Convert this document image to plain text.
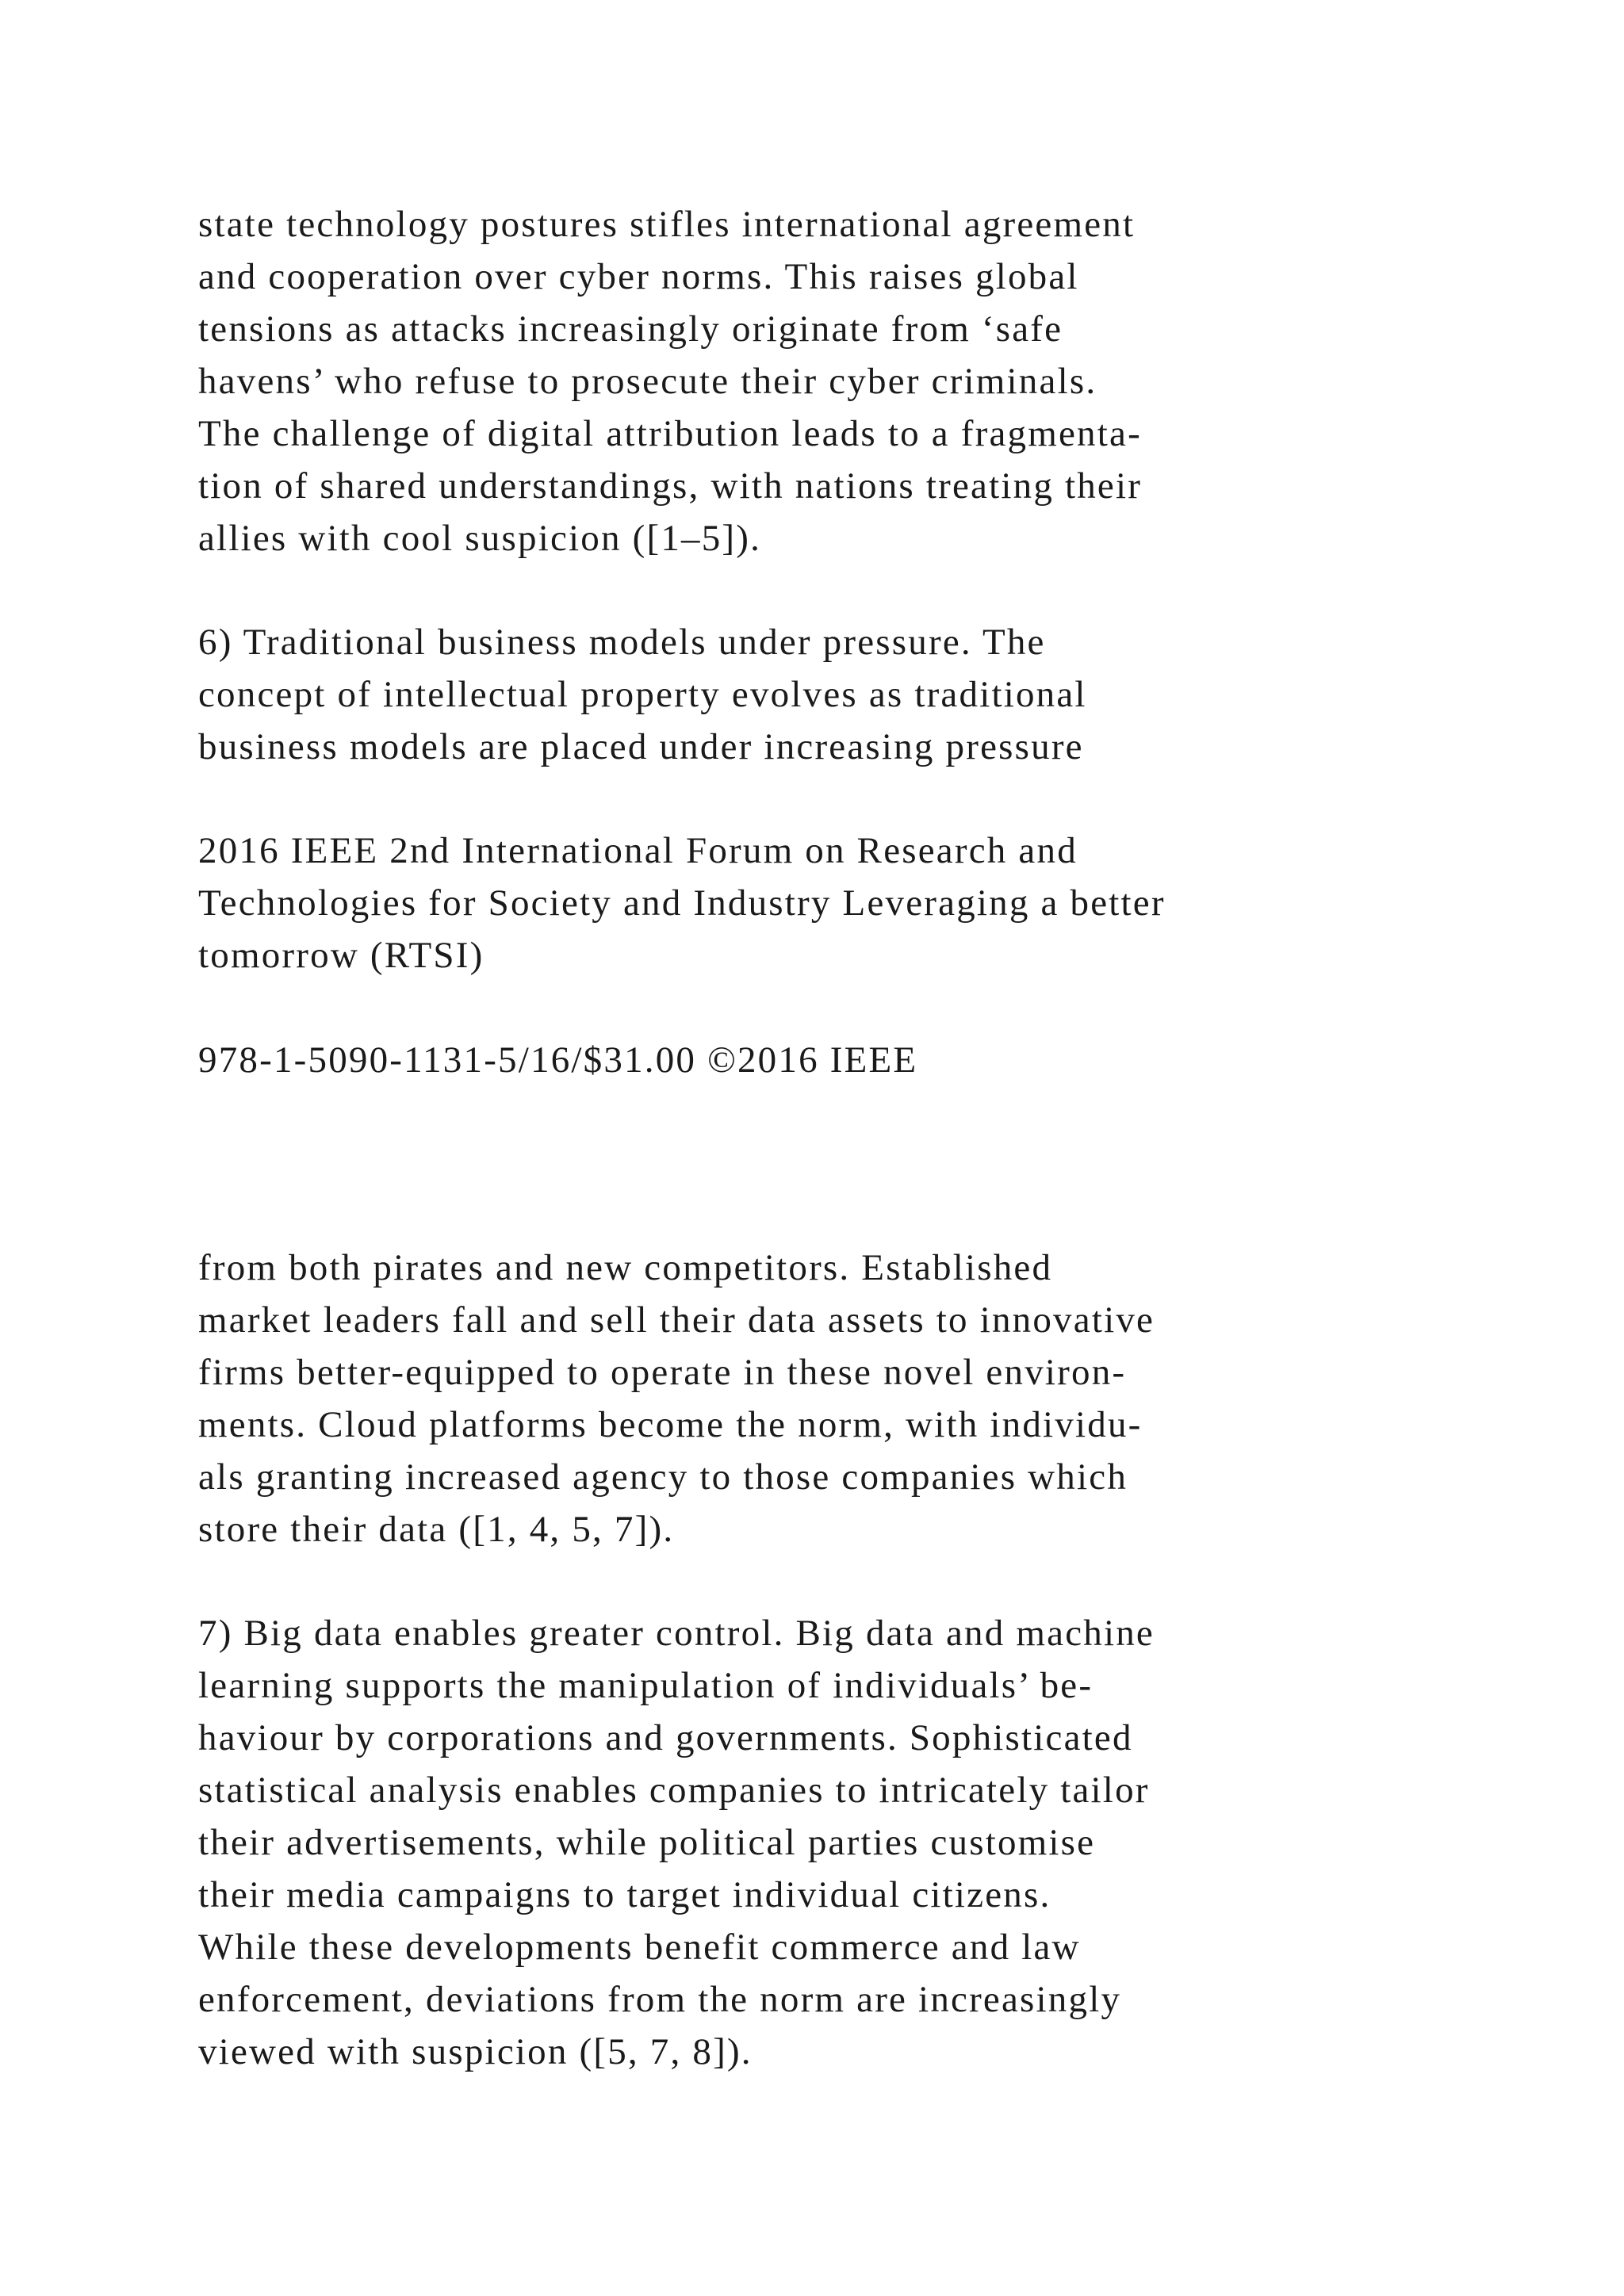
state technology postures stifles international agreement
and cooperation over cyber norms. This raises global
tensions as attacks increasingly originate from ‘safe
havens’ who refuse to prosecute their cyber criminals.
The challenge of digital attribution leads to a fragmenta-
tion of shared understandings, with nations treating their
allies with cool suspicion ([1–5]).
6) Traditional business models under pressure. The
concept of intellectual property evolves as traditional
business models are placed under increasing pressure
2016 IEEE 2nd International Forum on Research and
Technologies for Society and Industry Leveraging a better
tomorrow (RTSI)
978-1-5090-1131-5/16/$31.00 ©2016 IEEE
from both pirates and new competitors. Established
market leaders fall and sell their data assets to innovative
firms better-equipped to operate in these novel environ-
ments. Cloud platforms become the norm, with individu-
als granting increased agency to those companies which
store their data ([1, 4, 5, 7]).
7) Big data enables greater control. Big data and machine
learning supports the manipulation of individuals’ be-
haviour by corporations and governments. Sophisticated
statistical analysis enables companies to intricately tailor
their advertisements, while political parties customise
their media campaigns to target individual citizens.
While these developments benefit commerce and law
enforcement, deviations from the norm are increasingly
viewed with suspicion ([5, 7, 8]).
